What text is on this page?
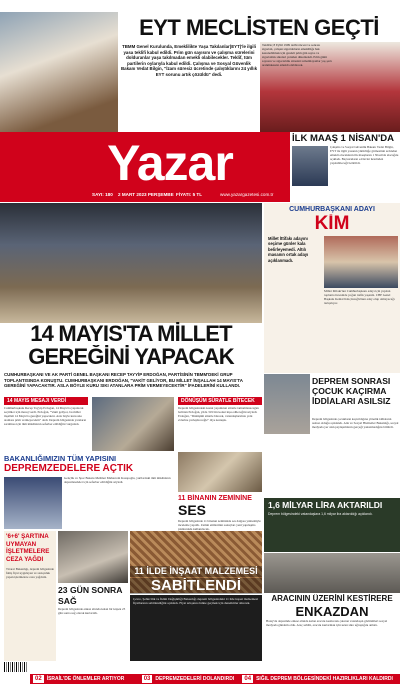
EYT MECLİSTEN GEÇTİ
TBMM Genel Kurulunda, Emeklilikte Yaşa Takılanlar(EYT)'le ilgili yasa teklifi kabul edildi. Prim gün sayısını ve çalışma sürelerini dolduranlar yaşa takılmadan emekli olabilecekler. Teklif, tüm partilerin oylarıyla kabul edildi. Çalışma ve Sosyal Güvenlik Bakanı Vedat Bilgin, "İzam süresiz ücretinde çalıştıklarını 24 yıllık EYT sorunu artık çözüldü" dedi.
Teklifle; 8 Eylül 1999 tarihi öncesi ve sonrası sigortalı, çalışan sigortalıların emekliliğe hak kazanabilmek için gerekli prim gün sayısı ve sigortalılık süreleri yeniden düzenlendi. Prim günü sayısını ve sigortalılık süresini tamamlayanlar yaş şartı aranmaksızın emekli olabilecek.
Yazar
SAYI: 180	2 MART 2023 PERŞEMBE FİYATI: 5 TL	www.yazargazetesi.com.tr
İLK MAAŞ 1 NİSAN'DA
Çalışma ve Sosyal Güvenlik Bakanı Vedat Bilgin, EYT ile ilgili yasanın yürürlüğe girmesinin ardından emekli olacakların ilk maaşlarını 1 Nisan'da alacağını açıkladı. Başvuruların e-Devlet üzerinden yapılabileceği belirtildi.
14 MAYIS'TA MİLLET
GEREĞİNİ YAPACAK
CUMHURBAŞKANI VE AK PARTİ GENEL BAŞKANI RECEP TAYYİP ERDOĞAN, PARTİSİNİN TBMM'DEKİ GRUP TOPLANTISINDA KONUŞTU. CUMHURBAŞKANI ERDOĞAN, "VAKİT GELİYOR, BU MİLLET İNŞALLAH 14 MAYIS'TA GEREĞİNİ YAPACAKTIR. ASLA BÖYLE KURU SIKI ATANLARA PRİM VERMEYECEKTİR" İFADELERİNİ KULLANDI.
14 MAYIS MESAJI VERDİ
Cumhurbaşkanı Recep Tayyip Erdoğan, 14 Mayıs'ta yapılacak seçimler için mesaj verdi. Erdoğan, "Vakit geliyor, bu millet inşallah 14 Mayıs'ta gereğini yapacaktır. Asla böyle kuru sıkı atanlara prim vermeyecektir" dedi. Deprem bölgesinde yaraların sarılması için tüm imkânların seferber edildiğini vurguladı.
DÖNÜŞÜM SÜRATLE BİTECEK
Deprem bölgesindeki konut yapımının süratle tamamlanacağını belirten Erdoğan, yılda 319 bin konut inşa edileceğini söyledi. Erdoğan, "Dönüşüm süratle bitecek, vatandaşlarımızı yeni evlerine yerleştireceğiz" diye konuştu.
CUMHURBAŞKANI ADAYI
KİM
Millet İttifakı adayını seçime günler kala belirleyemedi. Altılı masanın ortak adayı açıklanmadı.
Millet İttifakı'nın Cumhurbaşkanı adayı için yapılan toplantı öncesinde yoğun trafik yaşandı. CHP Genel Başkanı Kemal Kılıçdaroğlu'nun aday olup olmayacağı tartışılıyor.
DEPREM SONRASI ÇOCUK KAÇIRMA İDDİALARI ASILSIZ
Deprem bölgesinde çocukların kaçırıldığına yönelik iddiaların asılsız olduğu açıklandı. Aile ve Sosyal Hizmetler Bakanlığı, sosyal medyada yer alan paylaşımların gerçeği yansıtmadığını bildirdi.
1,6 MİLYAR LİRA AKTARILDI
Deprem bölgesindeki vatandaşlara 1,6 milyar lira aktarıldığı açıklandı.
11 BİNANIN ZEMİNİNE
SES
Deprem bölgesinde 11 binanın zemininde ses dalgası yöntemiyle inceleme yapıldı. Zemin etütlerinin sonuçları yeni yapılaşma planlarında kullanılacak.
BAKANLIĞIMIZIN TÜM YAPISINI
DEPREMZEDELERE AÇTIK
Gençlik ve Spor Bakanı Mehmet Muharrem Kasapoğlu, yurtlardaki tüm imkânların depremzedeler için seferber edildiğini söyledi.
'6+6' ŞARTINA UYMAYAN İŞLETMELERE CEZA YAĞDI
Ticaret Bakanlığı, deprem bölgesinde fahiş fiyat uygulayan ve stokçuluk yapan işletmelere ceza yağdırdı.
23 GÜN SONRA SAĞ
Deprem bölgesinde enkaz altında kalan bir köpek 23 gün sonra sağ olarak kurtarıldı.
11 İLDE İNŞAAT MALZEMESİ
SABİTLENDİ
Çevre, Şehircilik ve İklim Değişikliği Bakanlığı deprem bölgesindeki 11 ilde inşaat malzemesi fiyatlarının sabitlendiğini açıkladı. Fiyat artışının önüne geçmek için denetimler sürecek.	ARACININ ÜZERİNİ KESTİRERE
ENKAZDAN
Hatay'da depremde enkaz altında kalan aracını kestirerek çıkaran vatandaşın görüntüleri sosyal medyada gündem oldu. Araç sahibi, aracını kurtarmak için uzun süre uğraştığını anlattı.
02	İSRAİL'DE ÖNLEMLER ARTIYOR	03	DEPREMZEDELERİ DOLANDIRDI	04	SIĞIL DEPREM BÖLGESİNDEKİ HAZIRLIKLARI KALDIRDI
